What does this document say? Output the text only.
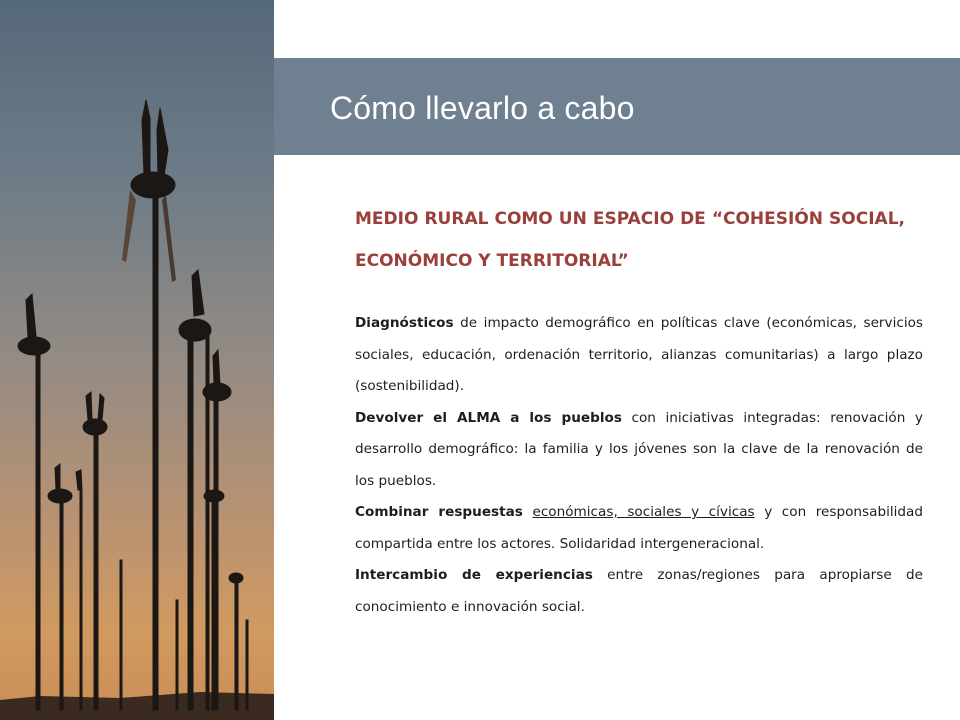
Cómo llevarlo a cabo
MEDIO RURAL COMO UN ESPACIO DE “COHESIÓN SOCIAL, ECONÓMICO Y TERRITORIAL”

Diagnósticos de impacto demográfico en políticas clave (económicas, servicios sociales, educación, ordenación territorio, alianzas comunitarias) a largo plazo (sostenibilidad).

Devolver el ALMA a los pueblos con iniciativas integradas: renovación y desarrollo demográfico: la familia y los jóvenes son la clave de la renovación de los pueblos.

Combinar respuestas económicas, sociales y cívicas y con responsabilidad compartida entre los actores. Solidaridad intergeneracional.

Intercambio de experiencias entre zonas/regiones para apropiarse de conocimiento e innovación social.
